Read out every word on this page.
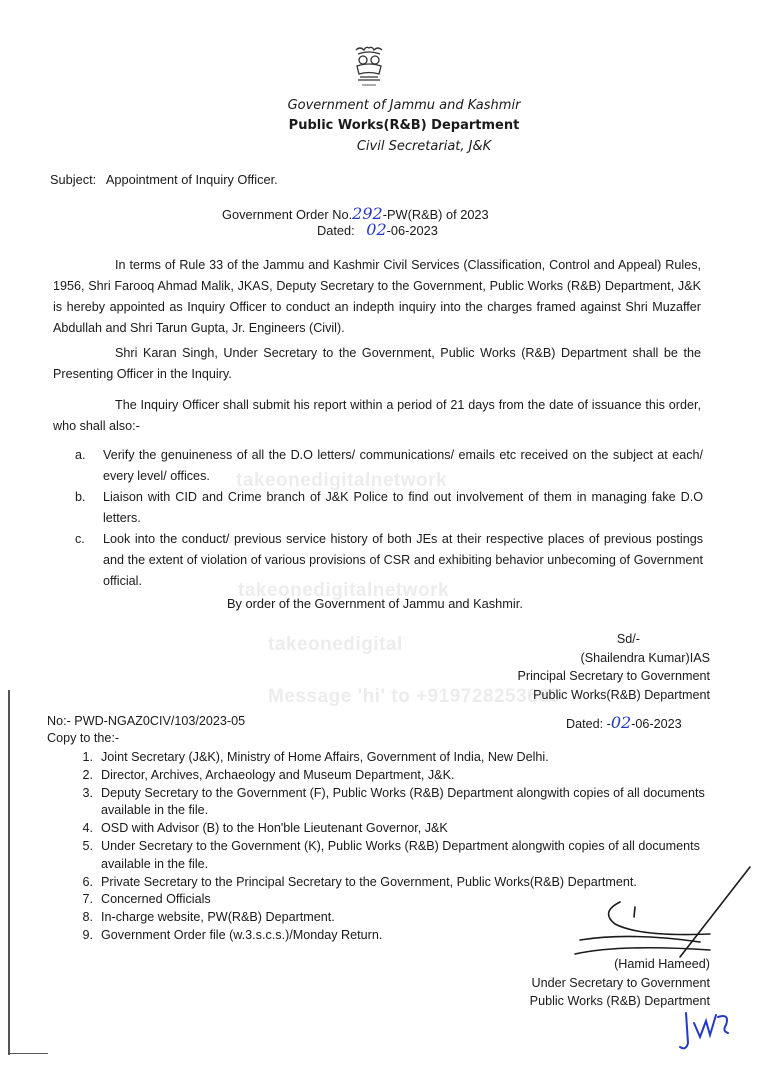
Government of Jammu and Kashmir
Public Works(R&B) Department
Civil Secretariat, J&K
Subject: Appointment of Inquiry Officer.
Government Order No.292-PW(R&B) of 2023
Dated: 02-06-2023
In terms of Rule 33 of the Jammu and Kashmir Civil Services (Classification, Control and Appeal) Rules, 1956, Shri Farooq Ahmad Malik, JKAS, Deputy Secretary to the Government, Public Works (R&B) Department, J&K is hereby appointed as Inquiry Officer to conduct an indepth inquiry into the charges framed against Shri Muzaffer Abdullah and Shri Tarun Gupta, Jr. Engineers (Civil).
Shri Karan Singh, Under Secretary to the Government, Public Works (R&B) Department shall be the Presenting Officer in the Inquiry.
The Inquiry Officer shall submit his report within a period of 21 days from the date of issuance this order, who shall also:-
a.	Verify the genuineness of all the D.O letters/ communications/ emails etc received on the subject at each/ every level/ offices.
b.	Liaison with CID and Crime branch of J&K Police to find out involvement of them in managing fake D.O letters.
c.	Look into the conduct/ previous service history of both JEs at their respective places of previous postings and the extent of violation of various provisions of CSR and exhibiting behavior unbecoming of Government official.
By order of the Government of Jammu and Kashmir.
takeonedigitalnetwork
takeonedigitalnetwork
takeonedigital
Message 'hi' to +919728253683
Sd/-
(Shailendra Kumar)IAS
Principal Secretary to Government
Public Works(R&B) Department
No:- PWD-NGAZ0CIV/103/2023-05	Dated: -02-06-2023
Copy to the:-
1. Joint Secretary (J&K), Ministry of Home Affairs, Government of India, New Delhi.
2. Director, Archives, Archaeology and Museum Department, J&K.
3. Deputy Secretary to the Government (F), Public Works (R&B) Department alongwith copies of all documents available in the file.
4. OSD with Advisor (B) to the Hon'ble Lieutenant Governor, J&K
5. Under Secretary to the Government (K), Public Works (R&B) Department alongwith copies of all documents available in the file.
6. Private Secretary to the Principal Secretary to the Government, Public Works(R&B) Department.
7. Concerned Officials
8. In-charge website, PW(R&B) Department.
9. Government Order file (w.3.s.c.s.)/Monday Return.
(Hamid Hameed)
Under Secretary to Government
Public Works (R&B) Department
